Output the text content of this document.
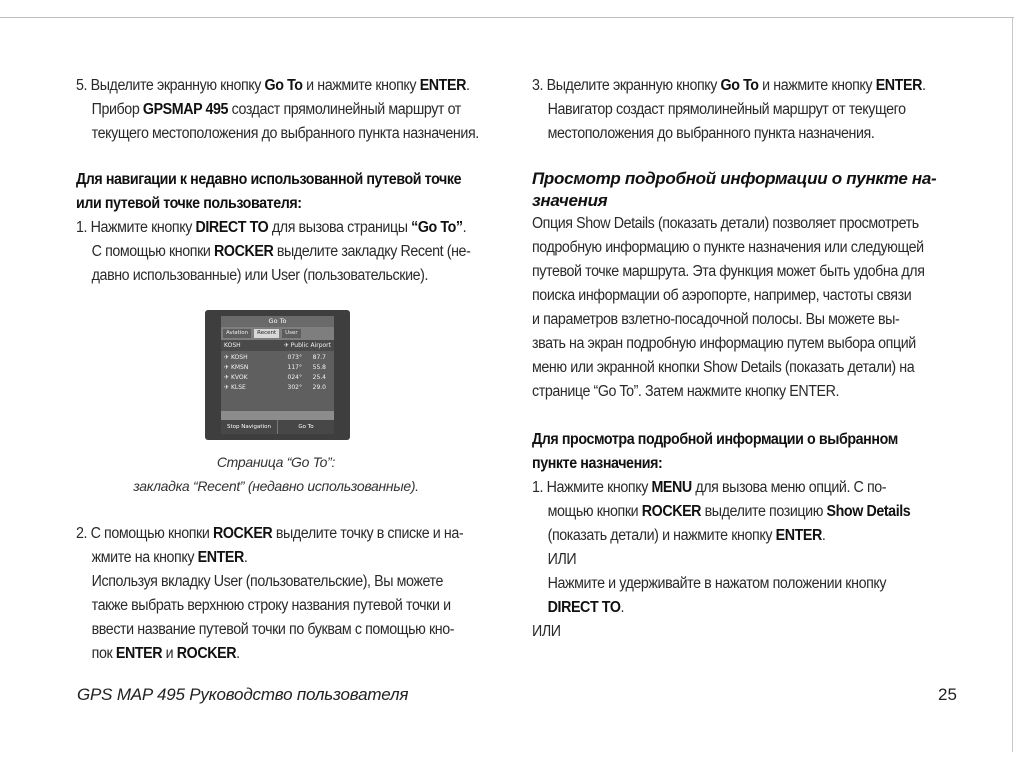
5. Выделите экранную кнопку Go To и нажмите кнопку ENTER.
Прибор GPSMAP 495 создаст прямолинейный маршрут от
текущего местоположения до выбранного пункта назначения.
Для навигации к недавно использованной путевой точке
или путевой точке пользователя:
1. Нажмите кнопку DIRECT TO для вызова страницы “Go To”.
С помощью кнопки ROCKER выделите закладку Recent (не-
давно использованные) или User (пользовательские).
Go To
Aviation	Recent	User
KOSH	✈ Public Airport
✈ KOSH	073°	87.7
✈ KMSN	117°	55.8
✈ KVOK	024°	25.4
✈ KLSE	302°	29.0
Stop Navigation	Go To
Страница “Go To”:
закладка “Recent” (недавно использованные).
2. С помощью кнопки ROCKER выделите точку в списке и на-
жмите на кнопку ENTER.
Используя вкладку User (пользовательские), Вы можете
также выбрать верхнюю строку названия путевой точки и
ввести название путевой точки по буквам с помощью кно-
пок ENTER и ROCKER.
3. Выделите экранную кнопку Go To и нажмите кнопку ENTER.
Навигатор создаст прямолинейный маршрут от текущего
местоположения до выбранного пункта назначения.
Просмотр подробной информации о пункте на-
значения
Опция Show Details (показать детали) позволяет просмотреть
подробную информацию о пункте назначения или следующей
путевой точке маршрута. Эта функция может быть удобна для
поиска информации об аэропорте, например, частоты связи
и параметров взлетно-посадочной полосы. Вы можете вы-
звать на экран подробную информацию путем выбора опций
меню или экранной кнопки Show Details (показать детали) на
странице “Go To”. Затем нажмите кнопку ENTER.
Для просмотра подробной информации о выбранном
пункте назначения:
1. Нажмите кнопку MENU для вызова меню опций. С по-
мощью кнопки ROCKER выделите позицию Show Details
(показать детали) и нажмите кнопку ENTER.
ИЛИ
Нажмите и удерживайте в нажатом положении кнопку
DIRECT TO.
ИЛИ
GPS MAP 495 Руководство пользователя	25
